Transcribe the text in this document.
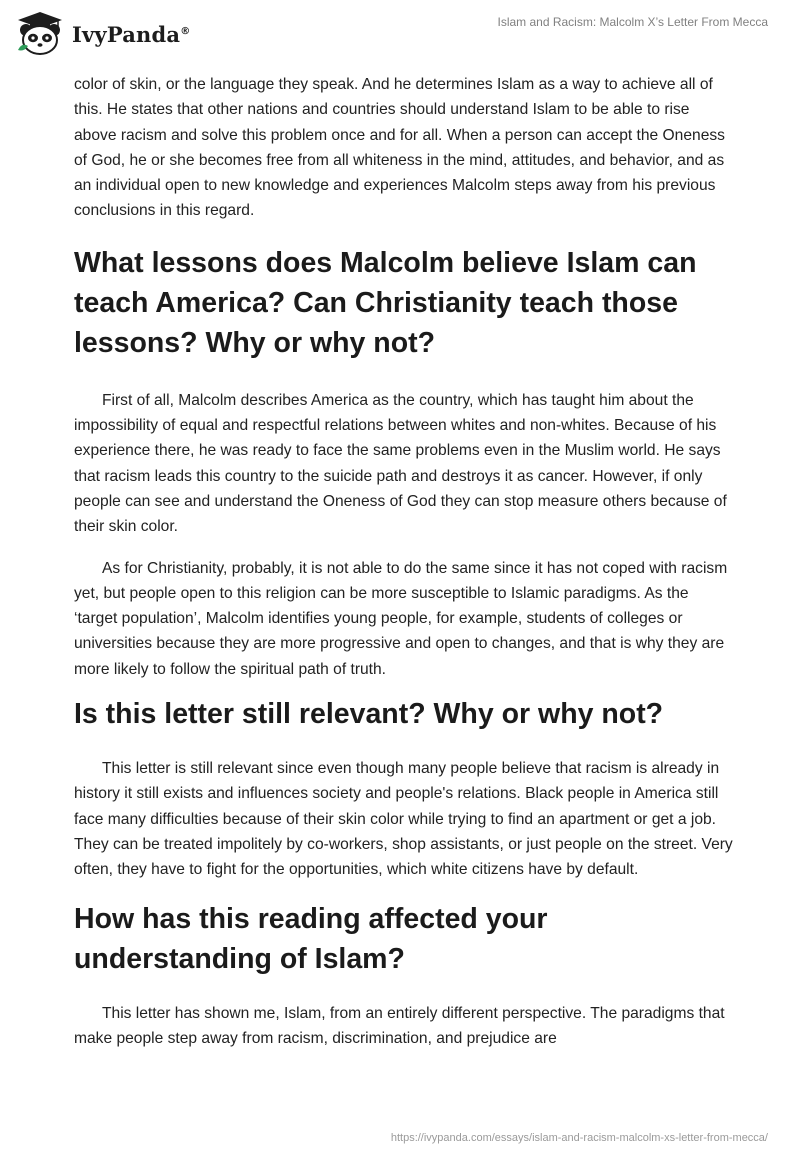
IvyPanda®
Islam and Racism: Malcolm X’s Letter From Mecca

color of skin, or the language they speak. And he determines Islam as a way to achieve all of this. He states that other nations and countries should understand Islam to be able to rise above racism and solve this problem once and for all. When a person can accept the Oneness of God, he or she becomes free from all whiteness in the mind, attitudes, and behavior, and as an individual open to new knowledge and experiences Malcolm steps away from his previous conclusions in this regard.

What lessons does Malcolm believe Islam can teach America? Can Christianity teach those lessons? Why or why not?

First of all, Malcolm describes America as the country, which has taught him about the impossibility of equal and respectful relations between whites and non-whites. Because of his experience there, he was ready to face the same problems even in the Muslim world. He says that racism leads this country to the suicide path and destroys it as cancer. However, if only people can see and understand the Oneness of God they can stop measure others because of their skin color.

As for Christianity, probably, it is not able to do the same since it has not coped with racism yet, but people open to this religion can be more susceptible to Islamic paradigms. As the ‘target population’, Malcolm identifies young people, for example, students of colleges or universities because they are more progressive and open to changes, and that is why they are more likely to follow the spiritual path of truth.

Is this letter still relevant? Why or why not?

This letter is still relevant since even though many people believe that racism is already in history it still exists and influences society and people's relations. Black people in America still face many difficulties because of their skin color while trying to find an apartment or get a job. They can be treated impolitely by co-workers, shop assistants, or just people on the street. Very often, they have to fight for the opportunities, which white citizens have by default.

How has this reading affected your understanding of Islam?

This letter has shown me, Islam, from an entirely different perspective. The paradigms that make people step away from racism, discrimination, and prejudice are

https://ivypanda.com/essays/islam-and-racism-malcolm-xs-letter-from-mecca/
